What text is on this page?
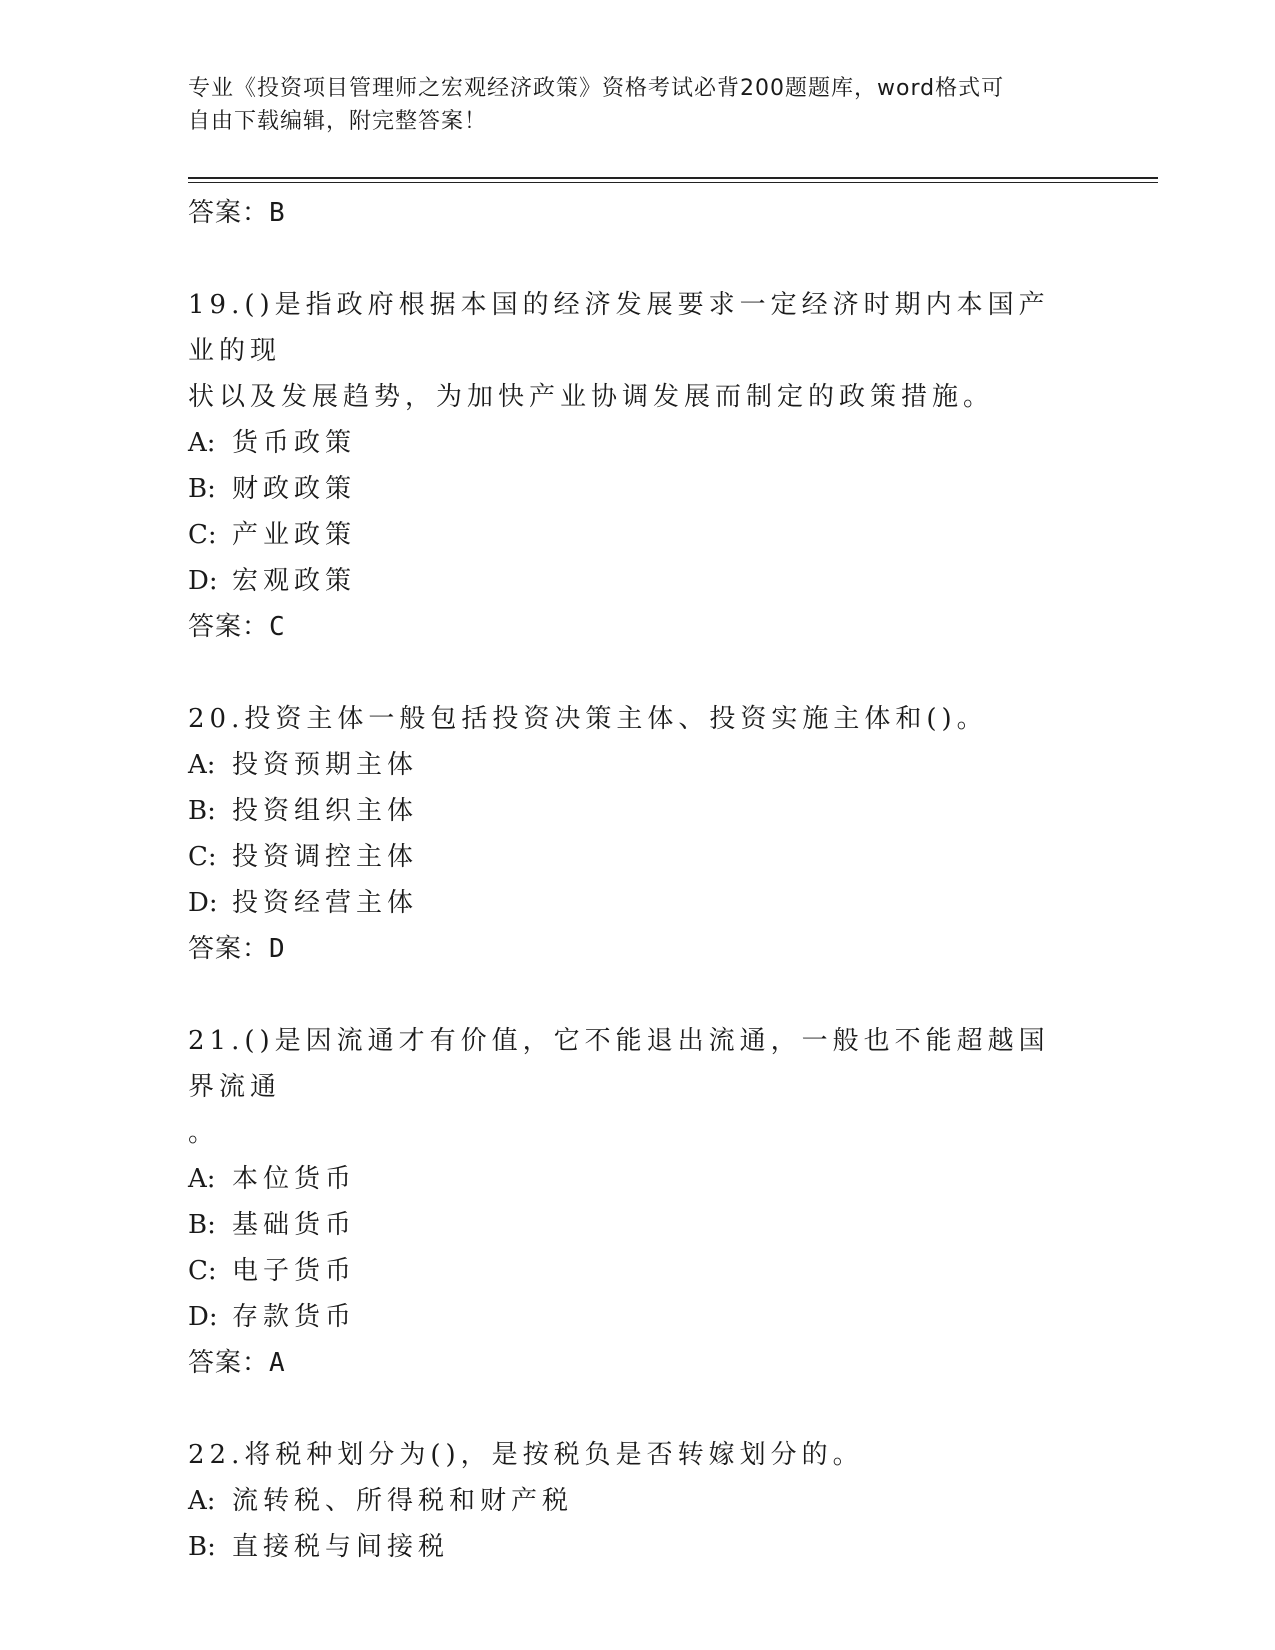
专业《投资项目管理师之宏观经济政策》资格考试必背200题题库，word格式可
自由下载编辑，附完整答案！
答案：B
19.()是指政府根据本国的经济发展要求一定经济时期内本国产业的现
状以及发展趋势，为加快产业协调发展而制定的政策措施。
A: 货币政策
B: 财政政策
C: 产业政策
D: 宏观政策
答案：C
20.投资主体一般包括投资决策主体、投资实施主体和()。
A: 投资预期主体
B: 投资组织主体
C: 投资调控主体
D: 投资经营主体
答案：D
21.()是因流通才有价值，它不能退出流通，一般也不能超越国界流通
。
A: 本位货币
B: 基础货币
C: 电子货币
D: 存款货币
答案：A
22.将税种划分为()，是按税负是否转嫁划分的。
A: 流转税、所得税和财产税
B: 直接税与间接税
